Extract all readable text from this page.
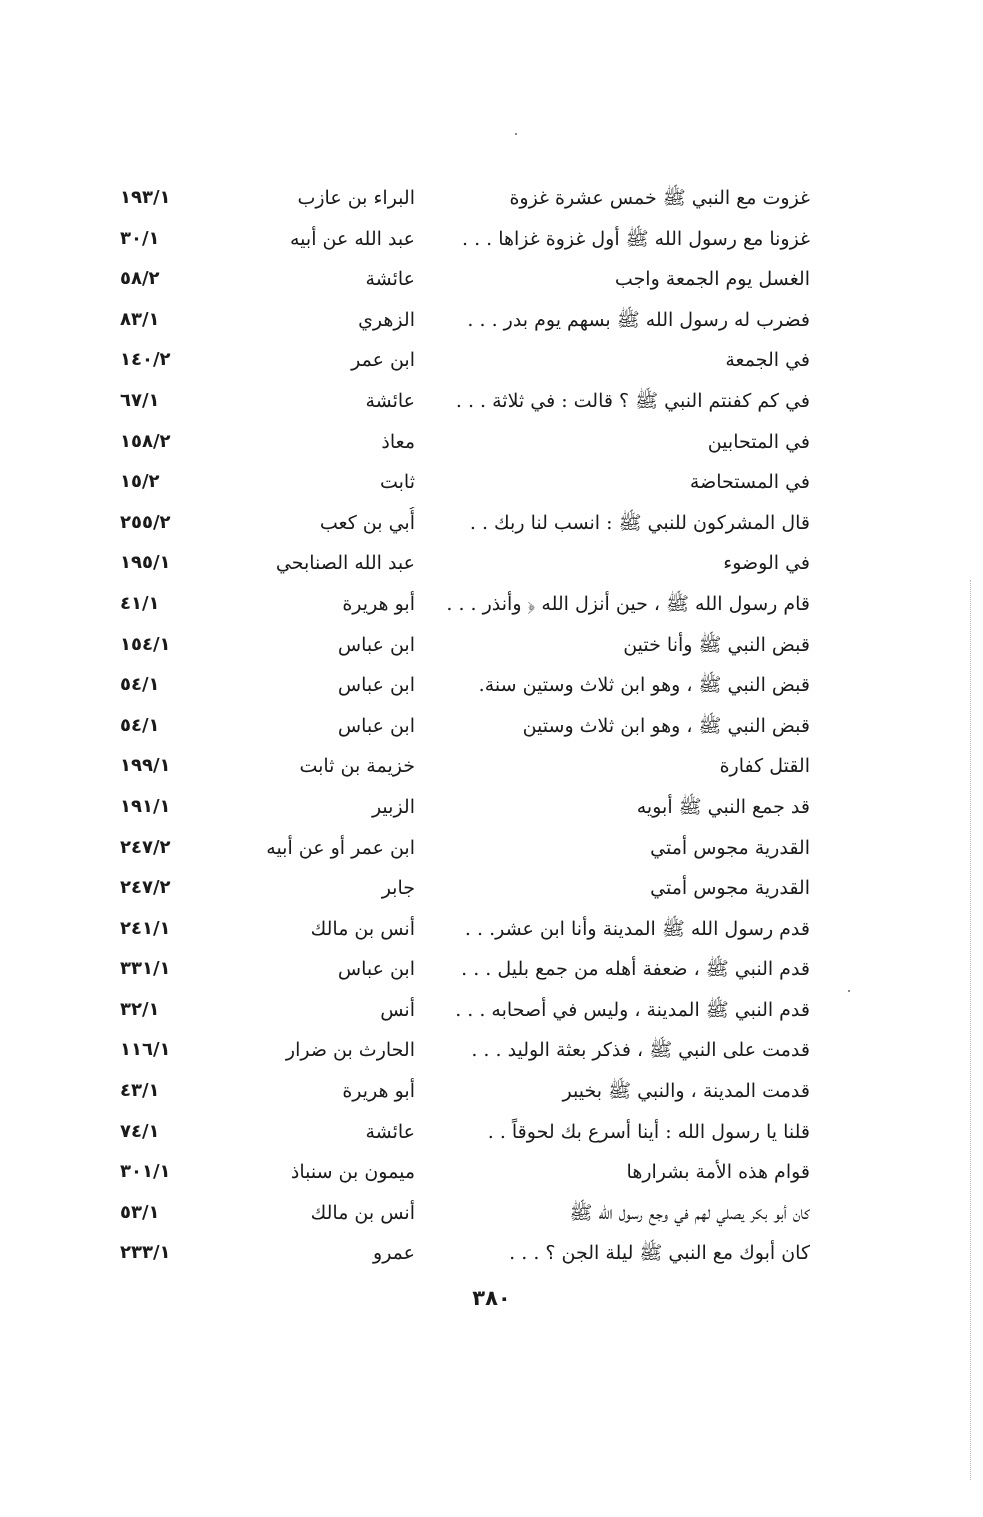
غزوت مع النبي ﷺ خمس عشرة غزوة
البراء بن عازب
١٩٣/١
غزونا مع رسول الله ﷺ أول غزوة غزاها . . .
عبد الله عن أبيه
٣٠/١
الغسل يوم الجمعة واجب
عائشة
٥٨/٢
فضرب له رسول الله ﷺ بسهم يوم بدر . . .
الزهري
٨٣/١
في الجمعة
ابن عمر
١٤٠/٢
في كم كفنتم النبي ﷺ ؟ قالت : في ثلاثة . . .
عائشة
٦٧/١
في المتحابين
معاذ
١٥٨/٢
في المستحاضة
ثابت
١٥/٢
قال المشركون للنبي ﷺ : انسب لنا ربك . .
أُبي بن كعب
٢٥٥/٢
في الوضوء
عبد الله الصنابحي
١٩٥/١
قام رسول الله ﷺ ، حين أنزل الله ﴿ وأنذر . . .
أبو هريرة
٤١/١
قبض النبي ﷺ وأنا ختين
ابن عباس
١٥٤/١
قبض النبي ﷺ ، وهو ابن ثلاث وستين سنة.
ابن عباس
٥٤/١
قبض النبي ﷺ ، وهو ابن ثلاث وستين
ابن عباس
٥٤/١
القتل كفارة
خزيمة بن ثابت
١٩٩/١
قد جمع النبي ﷺ أبويه
الزبير
١٩١/١
القدرية مجوس أمتي
ابن عمر أو عن أبيه
٢٤٧/٢
القدرية مجوس أمتي
جابر
٢٤٧/٢
قدم رسول الله ﷺ المدينة وأنا ابن عشر. . .
أنس بن مالك
٢٤١/١
قدم النبي ﷺ ، ضعفة أهله من جمع بليل . . .
ابن عباس
٣٣١/١
قدم النبي ﷺ المدينة ، وليس في أصحابه . . .
أنس
٣٢/١
قدمت على النبي ﷺ ، فذكر بعثة الوليد . . .
الحارث بن ضرار
١١٦/١
قدمت المدينة ، والنبي ﷺ بخيبر
أبو هريرة
٤٣/١
قلنا يا رسول الله : أينا أسرع بك لحوقاً . .
عائشة
٧٤/١
قوام هذه الأمة بشرارها
ميمون بن سنباذ
٣٠١/١
كان أبو بكر يصلي لهم في وجع رسول الله ﷺ
أنس بن مالك
٥٣/١
كان أبوك مع النبي ﷺ ليلة الجن ؟ . . .
عمرو
٢٣٣/١
٣٨٠
